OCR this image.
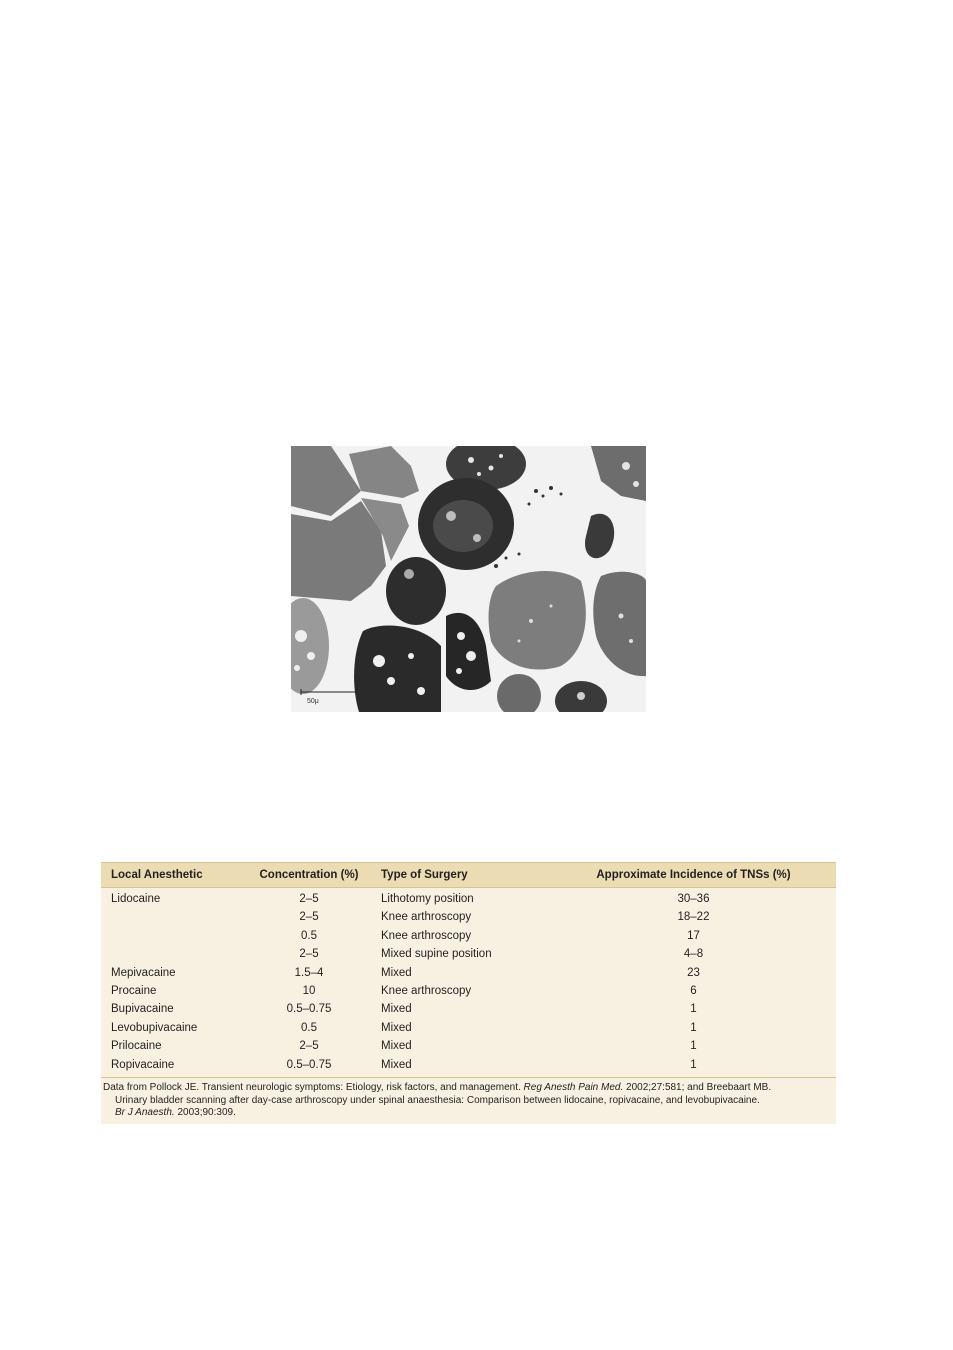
50μ
Local Anesthetic	Concentration (%)	Type of Surgery	Approximate Incidence of TNSs (%)
Lidocaine	2–5	Lithotomy position	30–36
	2–5	Knee arthroscopy	18–22
	0.5	Knee arthroscopy	17
	2–5	Mixed supine position	4–8
Mepivacaine	1.5–4	Mixed	23
Procaine	10	Knee arthroscopy	6
Bupivacaine	0.5–0.75	Mixed	1
Levobupivacaine	0.5	Mixed	1
Prilocaine	2–5	Mixed	1
Ropivacaine	0.5–0.75	Mixed	1
Data from Pollock JE. Transient neurologic symptoms: Etiology, risk factors, and management. Reg Anesth Pain Med. 2002;27:581; and Breebaart MB.
Urinary bladder scanning after day-case arthroscopy under spinal anaesthesia: Comparison between lidocaine, ropivacaine, and levobupivacaine.
Br J Anaesth. 2003;90:309.
